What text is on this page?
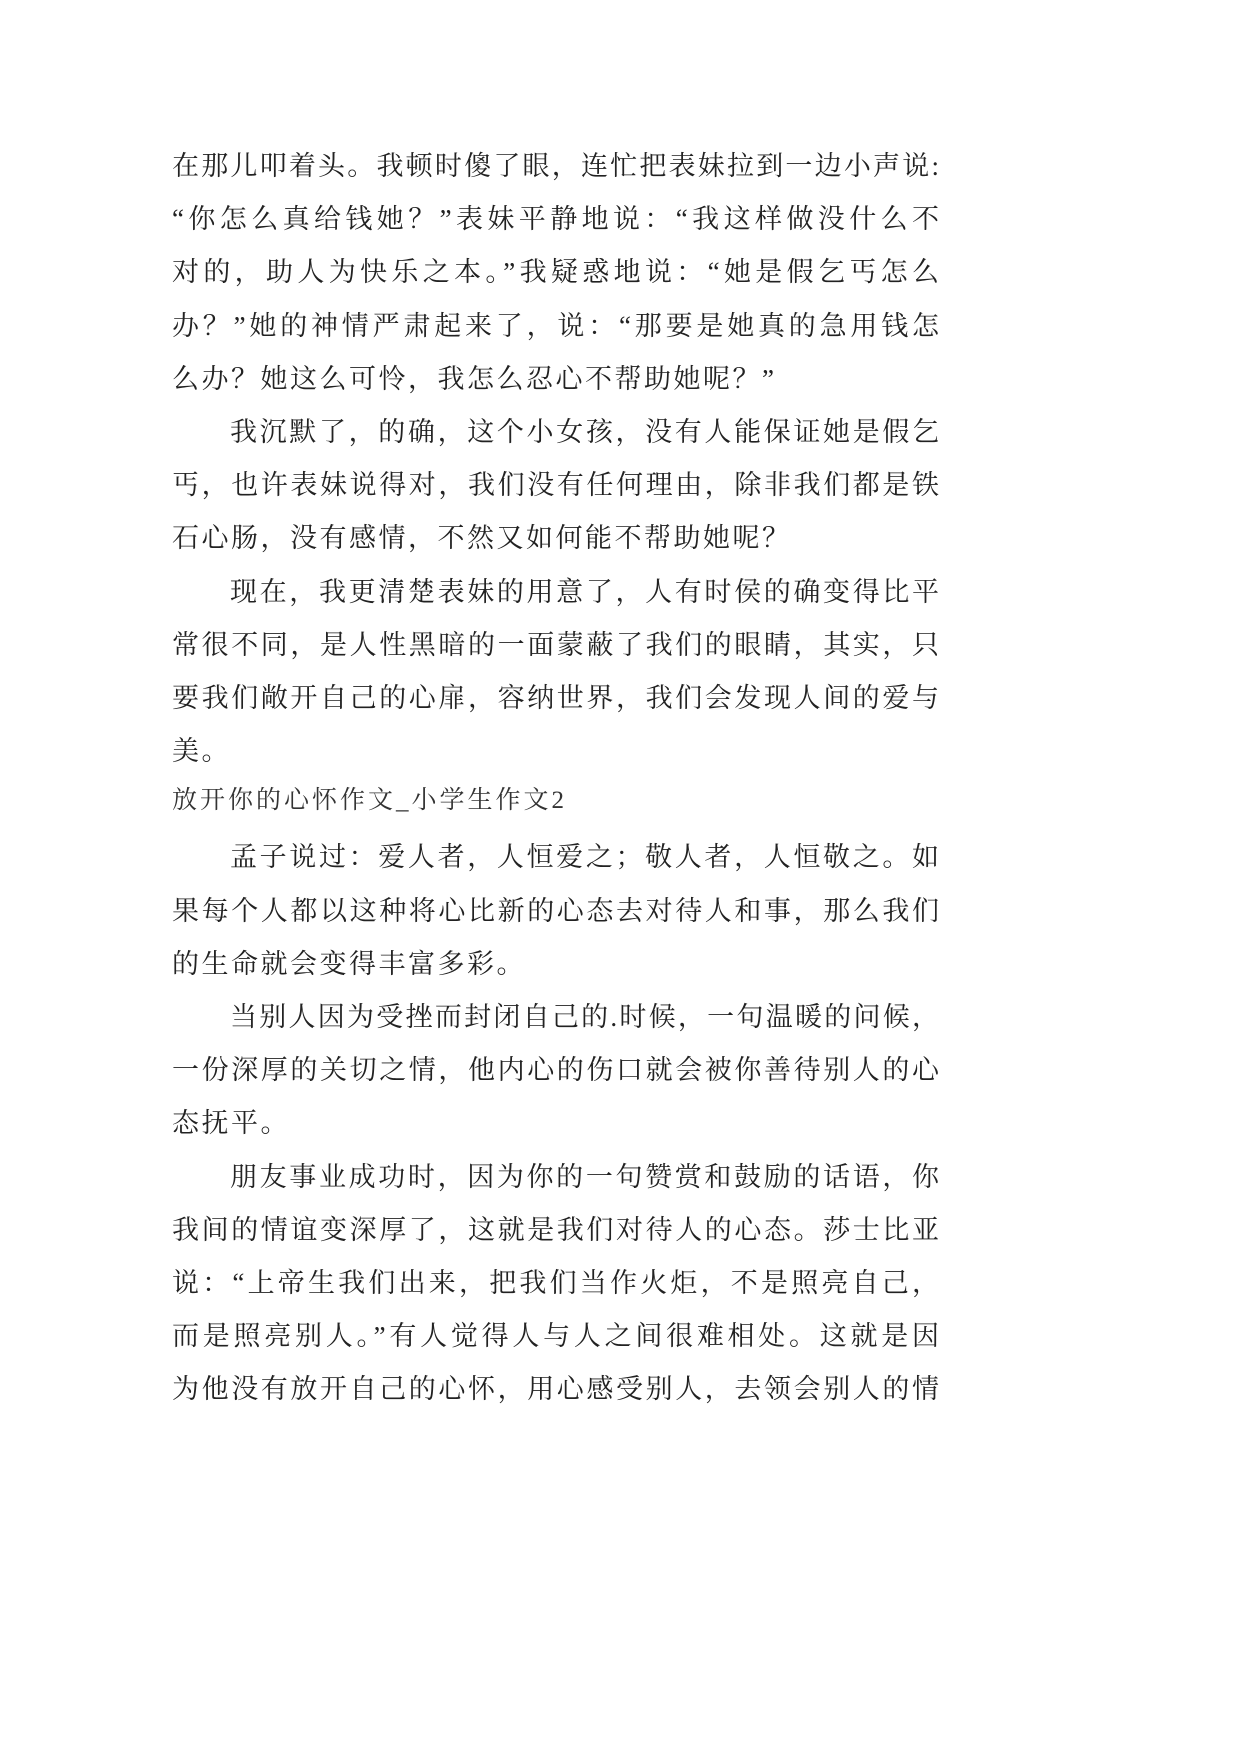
在那儿叩着头。我顿时傻了眼，连忙把表妹拉到一边小声说:
“你怎么真给钱她？”表妹平静地说：“我这样做没什么不
对的，助人为快乐之本。”我疑惑地说：“她是假乞丐怎么
办？”她的神情严肃起来了，说：“那要是她真的急用钱怎
么办？她这么可怜，我怎么忍心不帮助她呢？”
我沉默了，的确，这个小女孩，没有人能保证她是假乞
丐，也许表妹说得对，我们没有任何理由，除非我们都是铁
石心肠，没有感情，不然又如何能不帮助她呢？
现在，我更清楚表妹的用意了，人有时侯的确变得比平
常很不同，是人性黑暗的一面蒙蔽了我们的眼睛，其实，只
要我们敞开自己的心扉，容纳世界，我们会发现人间的爱与
美。
放开你的心怀作文_小学生作文2
孟子说过：爱人者，人恒爱之；敬人者，人恒敬之。如
果每个人都以这种将心比新的心态去对待人和事，那么我们
的生命就会变得丰富多彩。
当别人因为受挫而封闭自己的.时候，一句温暖的问候，
一份深厚的关切之情，他内心的伤口就会被你善待别人的心
态抚平。
朋友事业成功时，因为你的一句赞赏和鼓励的话语，你
我间的情谊变深厚了，这就是我们对待人的心态。莎士比亚
说：“上帝生我们出来，把我们当作火炬，不是照亮自己，
而是照亮别人。”有人觉得人与人之间很难相处。这就是因
为他没有放开自己的心怀，用心感受别人，去领会别人的情
